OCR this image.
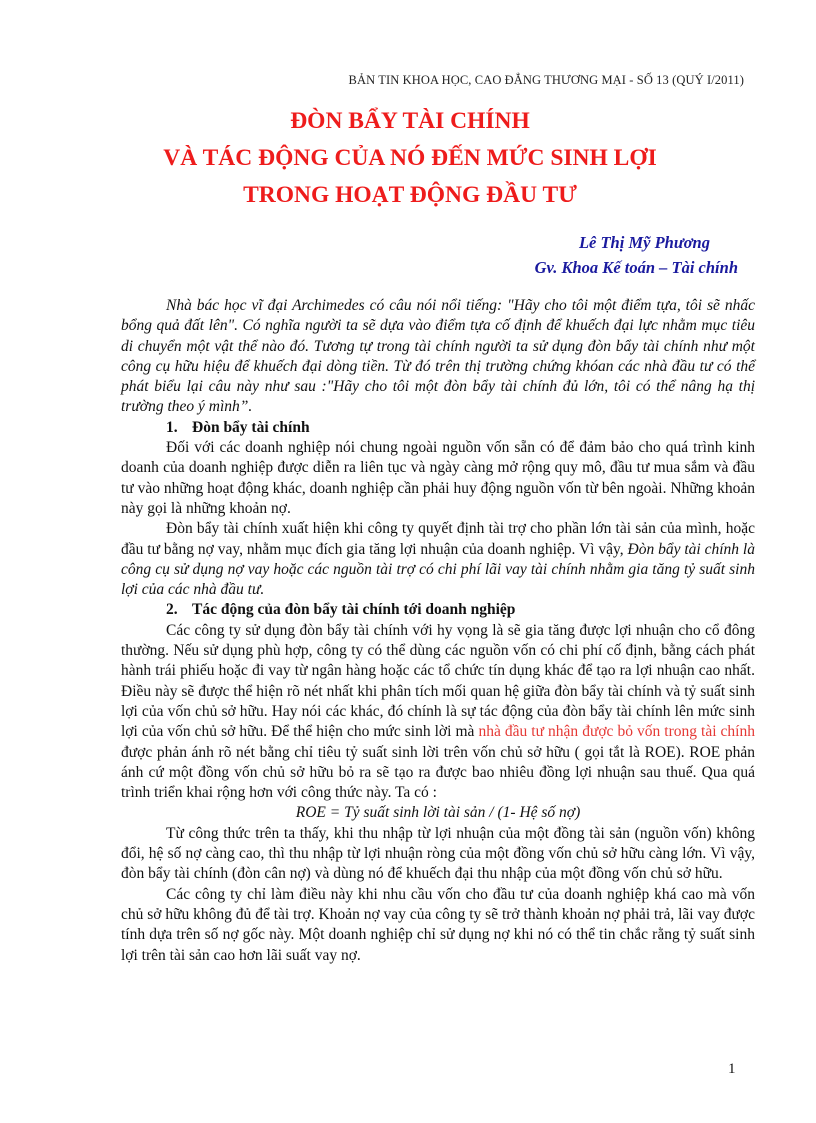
BẢN TIN KHOA HỌC, CAO ĐẲNG THƯƠNG MẠI - SỐ 13 (QUÝ I/2011)
ĐÒN BẨY TÀI CHÍNH
VÀ TÁC ĐỘNG CỦA NÓ ĐẾN MỨC SINH LỢI
TRONG HOẠT ĐỘNG ĐẦU TƯ
Lê Thị Mỹ Phương
Gv. Khoa Kế toán – Tài chính

Nhà bác học vĩ đại Archimedes có câu nói nổi tiếng: "Hãy cho tôi một điểm tựa, tôi sẽ nhấc bổng quả đất lên". Có nghĩa người ta sẽ dựa vào điểm tựa cố định để khuếch đại lực nhằm mục tiêu di chuyển một vật thể nào đó. Tương tự trong tài chính người ta sử dụng đòn bẩy tài chính như một công cụ hữu hiệu để khuếch đại dòng tiền. Từ đó trên thị trường chứng khóan các nhà đầu tư có thể phát biểu lại câu này như sau :"Hãy cho tôi một đòn bẩy tài chính đủ lớn, tôi có thể nâng hạ thị trường theo ý mình”.

1. Đòn bẩy tài chính

Đối với các doanh nghiệp nói chung ngoài nguồn vốn sẵn có để đảm bảo cho quá trình kinh doanh của doanh nghiệp được diễn ra liên tục và ngày càng mở rộng quy mô, đầu tư mua sắm và đầu tư vào những hoạt động khác, doanh nghiệp cần phải huy động nguồn vốn từ bên ngoài. Những khoản này gọi là những khoản nợ.

Đòn bẩy tài chính xuất hiện khi công ty quyết định tài trợ cho phần lớn tài sản của mình, hoặc đầu tư bằng nợ vay, nhằm mục đích gia tăng lợi nhuận của doanh nghiệp. Vì vậy, Đòn bẩy tài chính là công cụ sử dụng nợ vay hoặc các nguồn tài trợ có chi phí lãi vay tài chính nhằm gia tăng tỷ suất sinh lợi của các nhà đầu tư.

2. Tác động của đòn bẩy tài chính tới doanh nghiệp

Các công ty sử dụng đòn bẩy tài chính với hy vọng là sẽ gia tăng được lợi nhuận cho cổ đông thường. Nếu sử dụng phù hợp, công ty có thể dùng các nguồn vốn có chi phí cố định, bằng cách phát hành trái phiếu hoặc đi vay từ ngân hàng hoặc các tổ chức tín dụng khác để tạo ra lợi nhuận cao nhất. Điều này sẽ được thể hiện rõ nét nhất khi phân tích mối quan hệ giữa đòn bẩy tài chính và tỷ suất sinh lợi của vốn chủ sở hữu. Hay nói các khác, đó chính là sự tác động của đòn bẩy tài chính lên mức sinh lợi của vốn chủ sở hữu. Để thể hiện cho mức sinh lời mà nhà đầu tư nhận được bỏ vốn trong tài chính được phản ánh rõ nét bằng chỉ tiêu tỷ suất sinh lời trên vốn chủ sở hữu ( gọi tắt là ROE). ROE phản ánh cứ một đồng vốn chủ sở hữu bỏ ra sẽ tạo ra được bao nhiêu đồng lợi nhuận sau thuế. Qua quá trình triển khai rộng hơn với công thức này. Ta có :

ROE = Tỷ suất sinh lời tài sản / (1- Hệ số nợ)

Từ công thức trên ta thấy, khi thu nhập từ lợi nhuận của một đồng tài sản (nguồn vốn) không đổi, hệ số nợ càng cao, thì thu nhập từ lợi nhuận ròng của một đồng vốn chủ sở hữu càng lớn. Vì vậy, đòn bẩy tài chính (đòn cân nợ) và dùng nó để khuếch đại thu nhập của một đồng vốn chủ sở hữu.

Các công ty chỉ làm điều này khi nhu cầu vốn cho đầu tư của doanh nghiệp khá cao mà vốn chủ sở hữu không đủ để tài trợ. Khoản nợ vay của công ty sẽ trở thành khoản nợ phải trả, lãi vay được tính dựa trên số nợ gốc này. Một doanh nghiệp chỉ sử dụng nợ khi nó có thể tin chắc rằng tỷ suất sinh lợi trên tài sản cao hơn lãi suất vay nợ.

1
